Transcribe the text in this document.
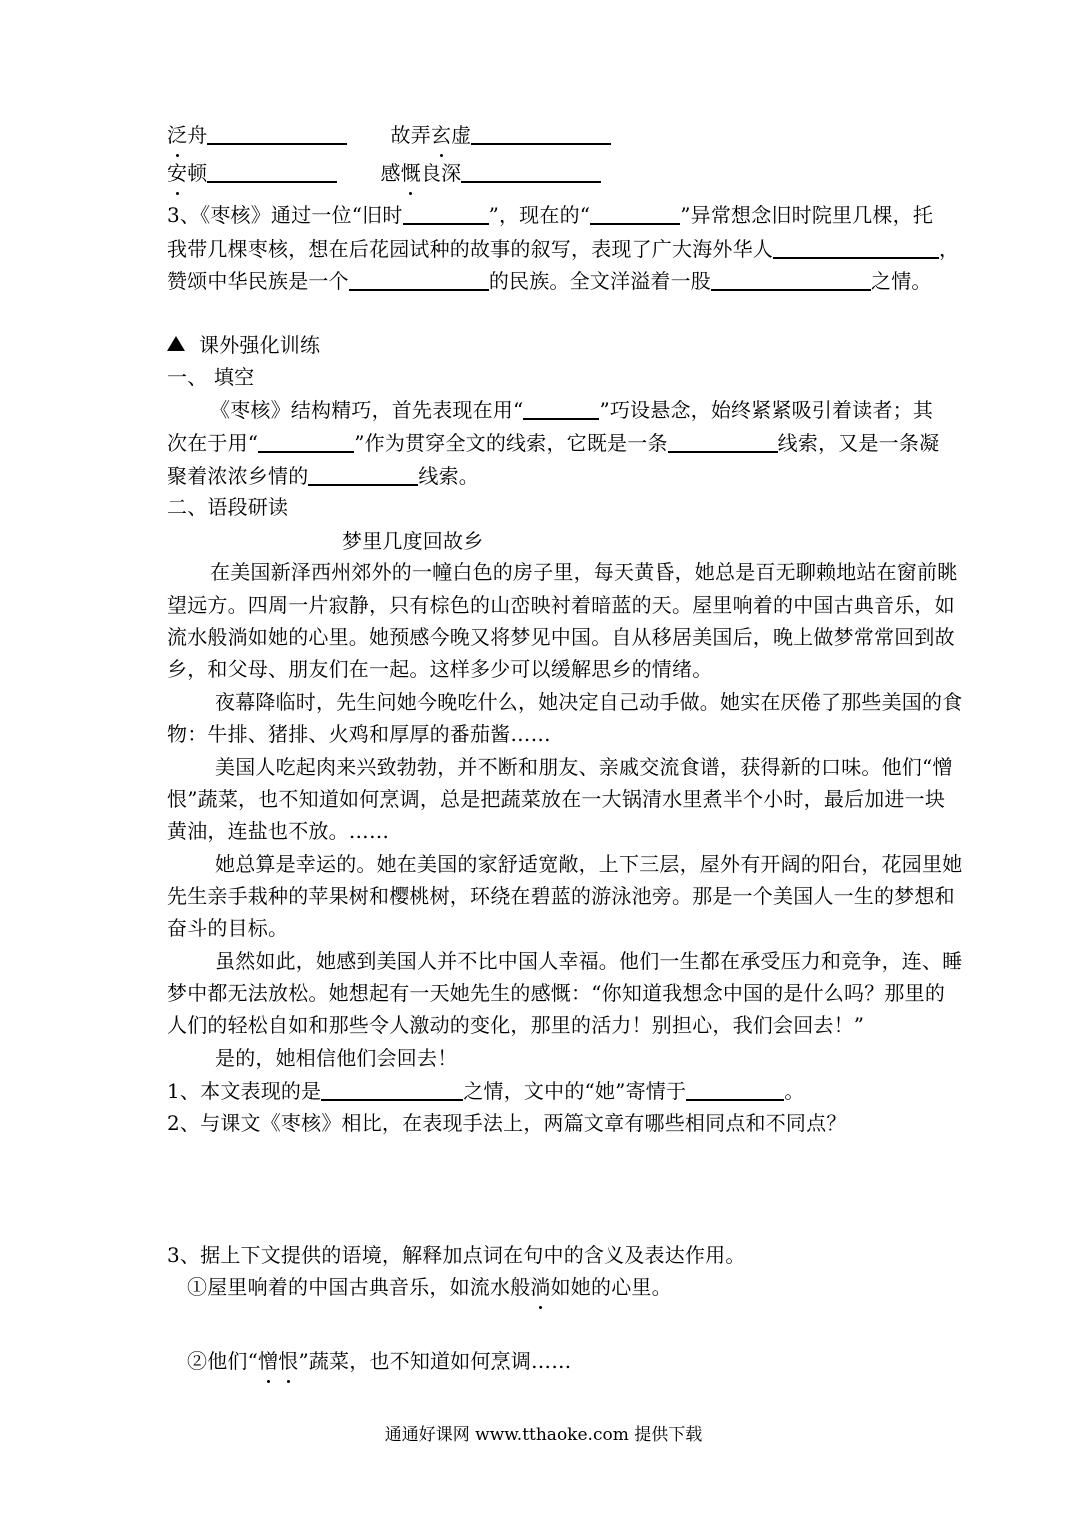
泛舟	故弄玄虚
安顿	感慨良深
3、《枣核》通过一位“旧时	”，现在的“	”异常想念旧时院里几棵，托
我带几棵枣核，想在后花园试种的故事的叙写，表现了广大海外华人	，
赞颂中华民族是一个	的民族。全文洋溢着一股	之情。
课外强化训练
一、 填空
《枣核》结构精巧，首先表现在用“	”巧设悬念，始终紧紧吸引着读者；其
次在于用“	”作为贯穿全文的线索，它既是一条	线索，又是一条凝
聚着浓浓乡情的	线索。
二、语段研读
梦里几度回故乡
在美国新泽西州郊外的一幢白色的房子里，每天黄昏，她总是百无聊赖地站在窗前眺
望远方。四周一片寂静，只有棕色的山峦映衬着暗蓝的天。屋里响着的中国古典音乐，如
流水般淌如她的心里。她预感今晚又将梦见中国。自从移居美国后，晚上做梦常常回到故
乡，和父母、朋友们在一起。这样多少可以缓解思乡的情绪。
夜幕降临时，先生问她今晚吃什么，她决定自己动手做。她实在厌倦了那些美国的食
物：牛排、猪排、火鸡和厚厚的番茄酱……
美国人吃起肉来兴致勃勃，并不断和朋友、亲戚交流食谱，获得新的口味。他们“憎
恨”蔬菜，也不知道如何烹调，总是把蔬菜放在一大锅清水里煮半个小时，最后加进一块
黄油，连盐也不放。……
她总算是幸运的。她在美国的家舒适宽敞，上下三层，屋外有开阔的阳台，花园里她
先生亲手栽种的苹果树和樱桃树，环绕在碧蓝的游泳池旁。那是一个美国人一生的梦想和
奋斗的目标。
虽然如此，她感到美国人并不比中国人幸福。他们一生都在承受压力和竞争，连、睡
梦中都无法放松。她想起有一天她先生的感慨：“你知道我想念中国的是什么吗？那里的
人们的轻松自如和那些令人激动的变化，那里的活力！别担心，我们会回去！”
是的，她相信他们会回去！
1、本文表现的是	之情，文中的“她”寄情于	。
2、与课文《枣核》相比，在表现手法上，两篇文章有哪些相同点和不同点？
3、据上下文提供的语境，解释加点词在句中的含义及表达作用。
①屋里响着的中国古典音乐，如流水般淌如她的心里。
②他们“憎恨”蔬菜，也不知道如何烹调……
通通好课网 www.tthaoke.com 提供下载
